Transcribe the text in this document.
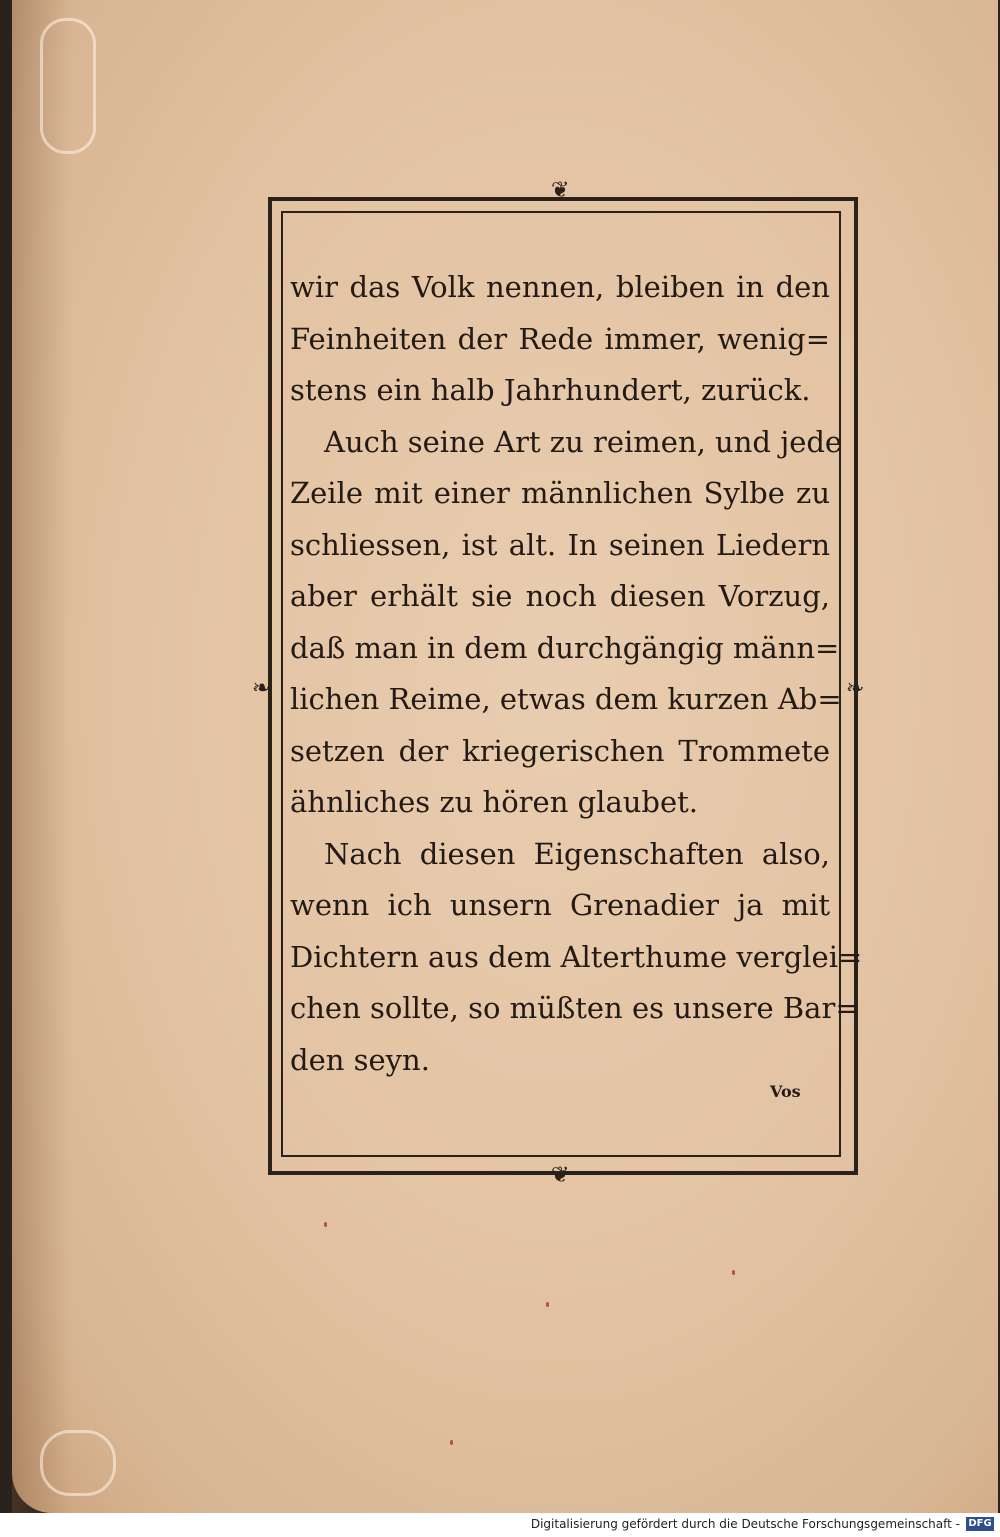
❦
❦
❧	❧
wir das Volk nennen, bleiben in den
Feinheiten der Rede immer, wenig=
stens ein halb Jahrhundert, zurück.
Auch seine Art zu reimen, und jede
Zeile mit einer männlichen Sylbe zu
schliessen, ist alt. In seinen Liedern
aber erhält sie noch diesen Vorzug,
daß man in dem durchgängig männ=
lichen Reime, etwas dem kurzen Ab=
setzen der kriegerischen Trommete
ähnliches zu hören glaubet.
Nach diesen Eigenschaften also,
wenn ich unsern Grenadier ja mit
Dichtern aus dem Alterthume verglei=
chen sollte, so müßten es unsere Bar=
den seyn.
Vos
Digitalisierung gefördert durch die Deutsche Forschungsgemeinschaft - DFG
